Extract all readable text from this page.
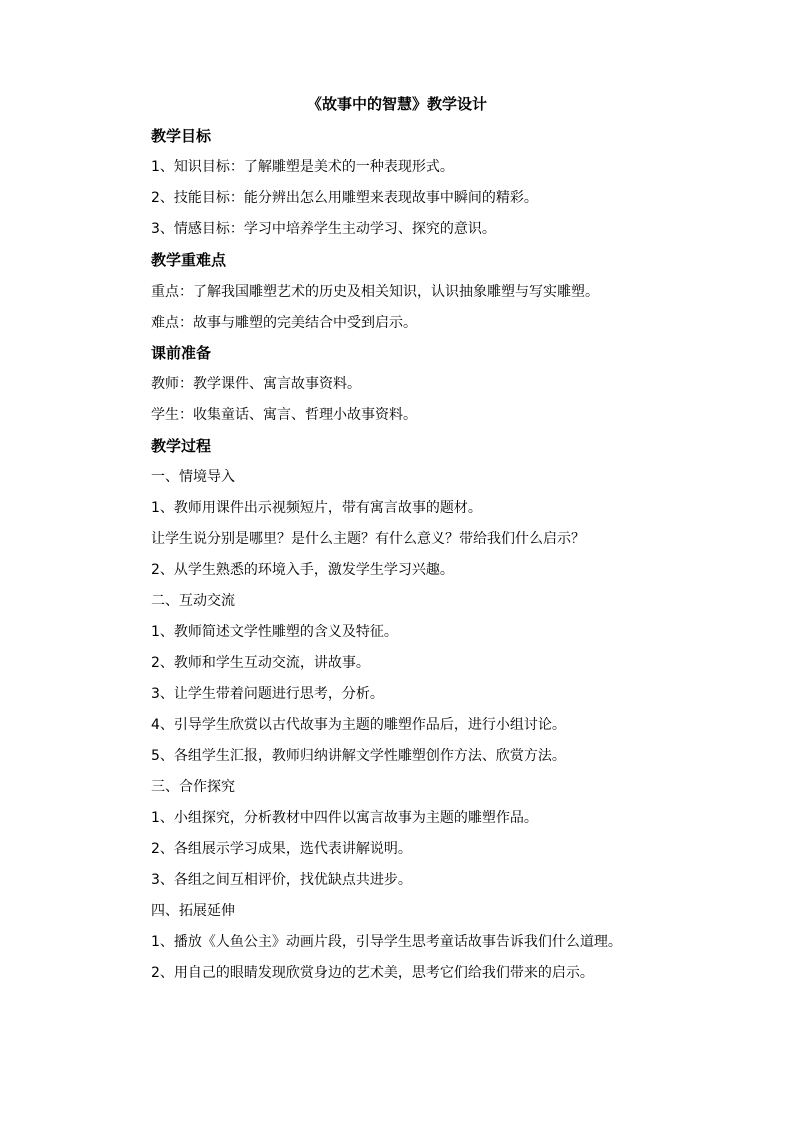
《故事中的智慧》教学设计
教学目标
1、知识目标：了解雕塑是美术的一种表现形式。
2、技能目标：能分辨出怎么用雕塑来表现故事中瞬间的精彩。
3、情感目标：学习中培养学生主动学习、探究的意识。
教学重难点
重点：了解我国雕塑艺术的历史及相关知识，认识抽象雕塑与写实雕塑。
难点：故事与雕塑的完美结合中受到启示。
课前准备
教师：教学课件、寓言故事资料。
学生：收集童话、寓言、哲理小故事资料。
教学过程
一、情境导入
1、教师用课件出示视频短片，带有寓言故事的题材。
让学生说分别是哪里？是什么主题？有什么意义？带给我们什么启示？
2、从学生熟悉的环境入手，激发学生学习兴趣。
二、互动交流
1、教师简述文学性雕塑的含义及特征。
2、教师和学生互动交流，讲故事。
3、让学生带着问题进行思考，分析。
4、引导学生欣赏以古代故事为主题的雕塑作品后，进行小组讨论。
5、各组学生汇报，教师归纳讲解文学性雕塑创作方法、欣赏方法。
三、合作探究
1、小组探究，分析教材中四件以寓言故事为主题的雕塑作品。
2、各组展示学习成果，选代表讲解说明。
3、各组之间互相评价，找优缺点共进步。
四、拓展延伸
1、播放《人鱼公主》动画片段，引导学生思考童话故事告诉我们什么道理。
2、用自己的眼睛发现欣赏身边的艺术美，思考它们给我们带来的启示。
